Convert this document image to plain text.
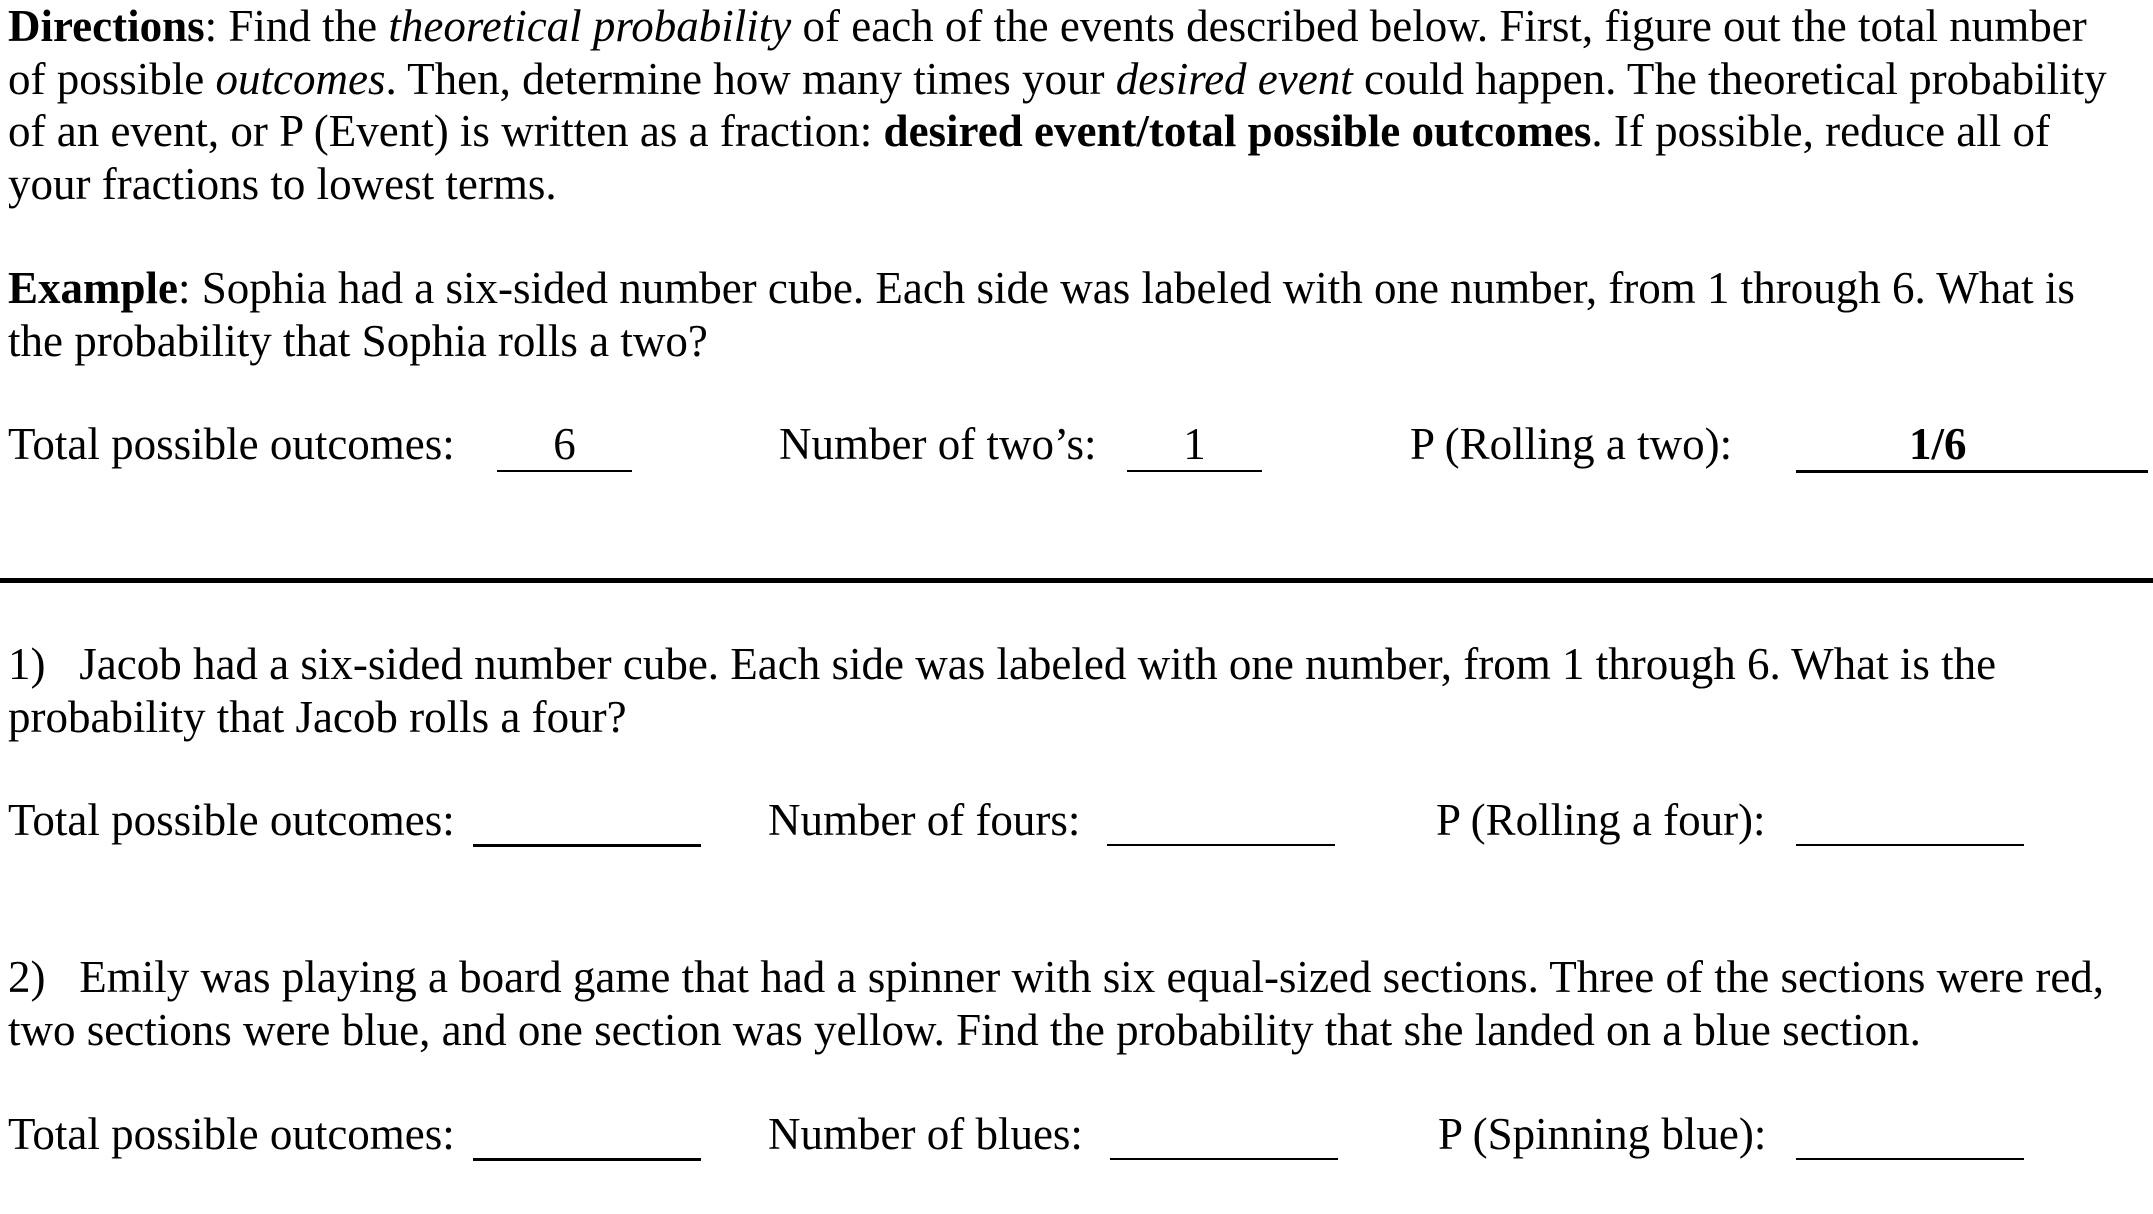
Directions: Find the theoretical probability of each of the events described below. First, figure out the total number
of possible outcomes. Then, determine how many times your desired event could happen. The theoretical probability
of an event, or P (Event) is written as a fraction: desired event/total possible outcomes. If possible, reduce all of
your fractions to lowest terms.
Example: Sophia had a six-sided number cube. Each side was labeled with one number, from 1 through 6. What is
the probability that Sophia rolls a two?
Total possible outcomes:	6	Number of two’s:	1	P (Rolling a two):	1/6
1) Jacob had a six-sided number cube. Each side was labeled with one number, from 1 through 6. What is the
probability that Jacob rolls a four?
Total possible outcomes:	Number of fours:	P (Rolling a four):
2) Emily was playing a board game that had a spinner with six equal-sized sections. Three of the sections were red,
two sections were blue, and one section was yellow. Find the probability that she landed on a blue section.
Total possible outcomes:	Number of blues:	P (Spinning blue):
